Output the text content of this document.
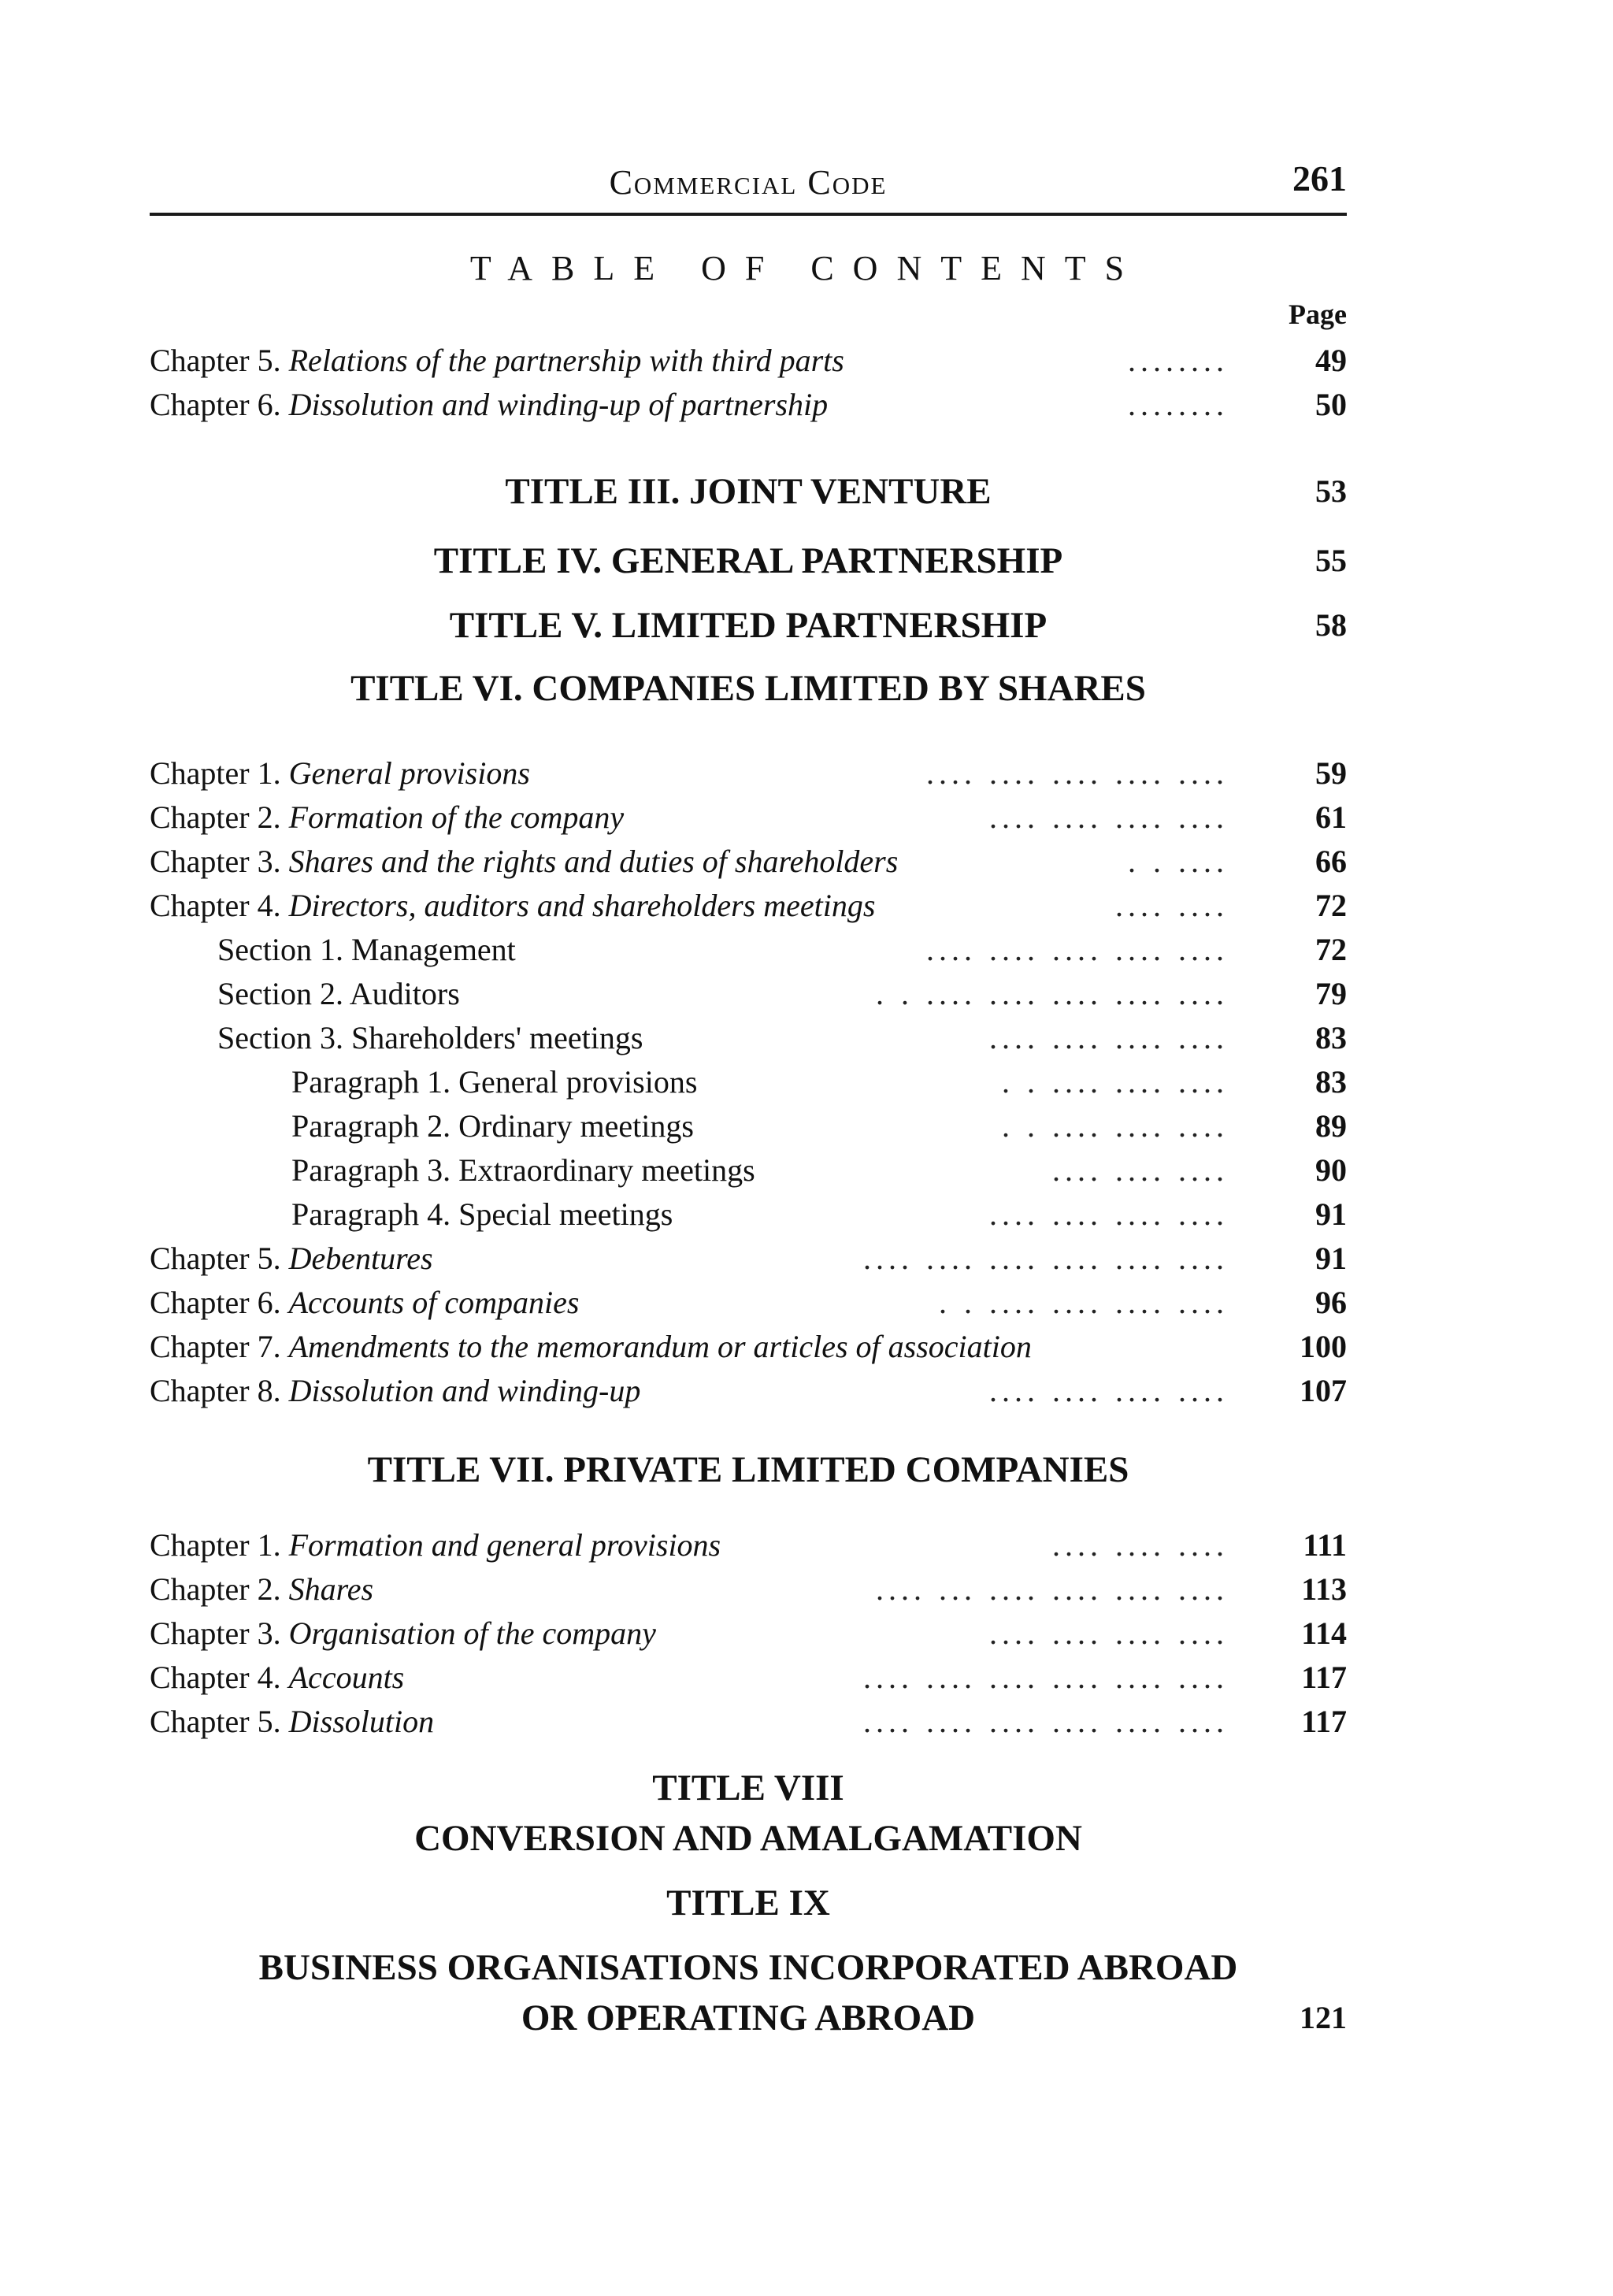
Commercial Code	261
TABLE OF CONTENTS
Page
Chapter 5. Relations of the partnership with third parts	........	49
Chapter 6. Dissolution and winding-up of partnership	........	50
TITLE III. JOINT VENTURE	53
TITLE IV. GENERAL PARTNERSHIP	55
TITLE V. LIMITED PARTNERSHIP	58
TITLE VI. COMPANIES LIMITED BY SHARES
Chapter 1. General provisions	.... .... .... .... ....	59
Chapter 2. Formation of the company	.... .... .... ....	61
Chapter 3. Shares and the rights and duties of shareholders	. . ....	66
Chapter 4. Directors, auditors and shareholders meetings	.... ....	72
Section 1. Management	.... .... .... .... ....	72
Section 2. Auditors	. . .... .... .... .... ....	79
Section 3. Shareholders' meetings	.... .... .... ....	83
Paragraph 1. General provisions	. . .... .... ....	83
Paragraph 2. Ordinary meetings	. . .... .... ....	89
Paragraph 3. Extraordinary meetings	.... .... ....	90
Paragraph 4. Special meetings	.... .... .... ....	91
Chapter 5. Debentures	.... .... .... .... .... ....	91
Chapter 6. Accounts of companies	. . .... .... .... ....	96
Chapter 7. Amendments to the memorandum or articles of association	100
Chapter 8. Dissolution and winding-up	.... .... .... .... 107
TITLE VII. PRIVATE LIMITED COMPANIES
Chapter 1. Formation and general provisions	.... .... .... 111
Chapter 2. Shares	.... ... .... .... .... .... 113
Chapter 3. Organisation of the company	.... .... .... .... 114
Chapter 4. Accounts	.... .... .... .... .... .... 117
Chapter 5. Dissolution	.... .... .... .... .... .... 117
TITLE VIII
CONVERSION AND AMALGAMATION
TITLE IX
BUSINESS ORGANISATIONS INCORPORATED ABROAD
OR OPERATING ABROAD	121
